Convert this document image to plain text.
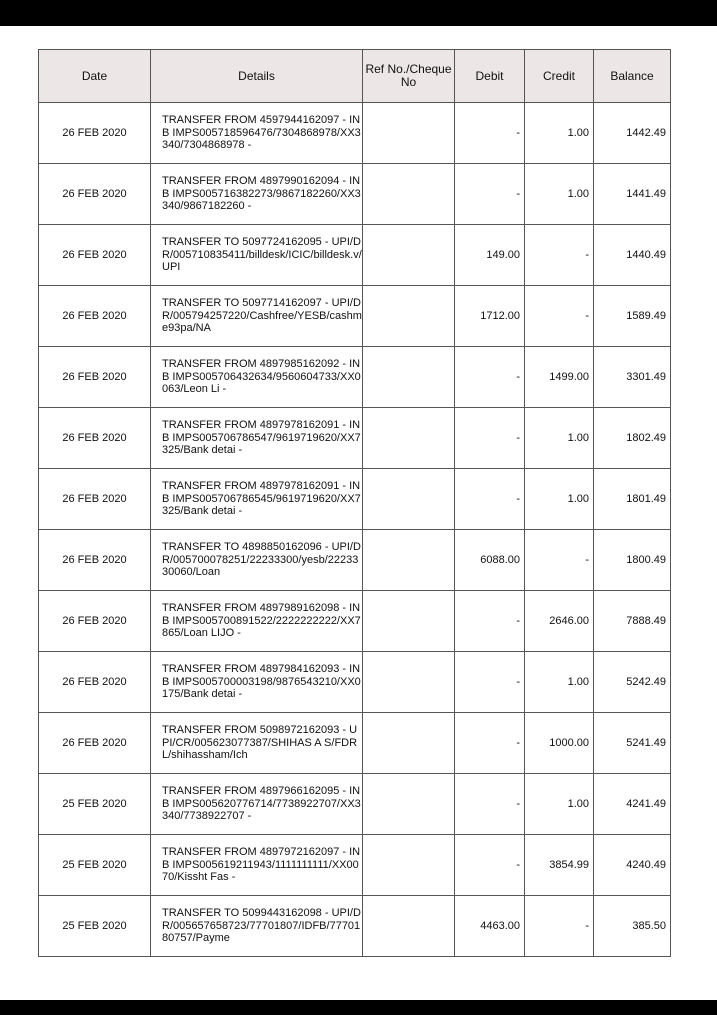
Date	Details	Ref No./Cheque No	Debit	Credit	Balance
26 FEB 2020	TRANSFER FROM 4597944162097 - INB IMPS005718596476/7304868978/XX3340/7304868978 -		-	1.00	1442.49
26 FEB 2020	TRANSFER FROM 4897990162094 - INB IMPS005716382273/9867182260/XX3340/9867182260 -		-	1.00	1441.49
26 FEB 2020	TRANSFER TO 5097724162095 - UPI/DR/005710835411/billdesk/ICIC/billdesk.v/UPI		149.00	-	1440.49
26 FEB 2020	TRANSFER TO 5097714162097 - UPI/DR/005794257220/Cashfree/YESB/cashme93pa/NA		1712.00	-	1589.49
26 FEB 2020	TRANSFER FROM 4897985162092 - INB IMPS005706432634/9560604733/XX0063/Leon Li -		-	1499.00	3301.49
26 FEB 2020	TRANSFER FROM 4897978162091 - INB IMPS005706786547/9619719620/XX7325/Bank detai -		-	1.00	1802.49
26 FEB 2020	TRANSFER FROM 4897978162091 - INB IMPS005706786545/9619719620/XX7325/Bank detai -		-	1.00	1801.49
26 FEB 2020	TRANSFER TO 4898850162096 - UPI/DR/005700078251/22233300/yesb/2223330060/Loan		6088.00	-	1800.49
26 FEB 2020	TRANSFER FROM 4897989162098 - INB IMPS005700891522/2222222222/XX7865/Loan LIJO -		-	2646.00	7888.49
26 FEB 2020	TRANSFER FROM 4897984162093 - INB IMPS005700003198/9876543210/XX0175/Bank detai -		-	1.00	5242.49
26 FEB 2020	TRANSFER FROM 5098972162093 - UPI/CR/005623077387/SHIHAS A S/FDRL/shihassham/Ich		-	1000.00	5241.49
25 FEB 2020	TRANSFER FROM 4897966162095 - INB IMPS005620776714/7738922707/XX3340/7738922707 -		-	1.00	4241.49
25 FEB 2020	TRANSFER FROM 4897972162097 - INB IMPS005619211943/1111111111/XX0070/Kissht Fas -		-	3854.99	4240.49
25 FEB 2020	TRANSFER TO 5099443162098 - UPI/DR/005657658723/77701807/IDFB/7770180757/Payme		4463.00	-	385.50
